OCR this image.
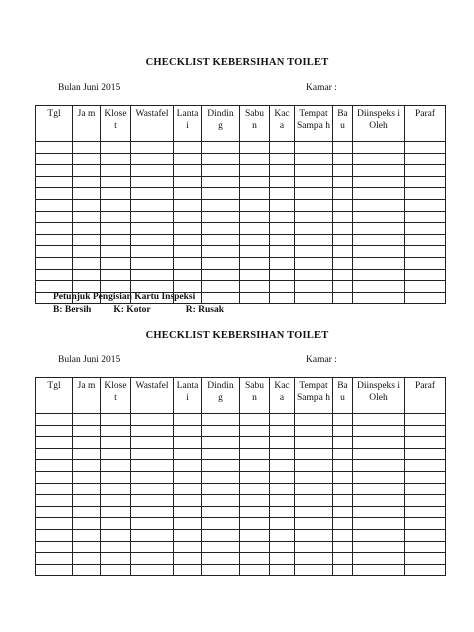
CHECKLIST KEBERSIHAN TOILET
Bulan Juni 2015	Kamar :
Tgl	Ja m	Klose t	Wastafel	Lanta i	Dindin g	Sabu n	Kac a	Tempat Sampa h	Ba u	Diinspeks i Oleh	Paraf

Petunjuk Pengisian Kartu Inspeksi
B: Bersih K: Kotor	R: Rusak
CHECKLIST KEBERSIHAN TOILET
Bulan Juni 2015	Kamar :
Tgl	Ja m	Klose t	Wastafel	Lanta i	Dindin g	Sabu n	Kac a	Tempat Sampa h	Ba u	Diinspeks i Oleh	Paraf
